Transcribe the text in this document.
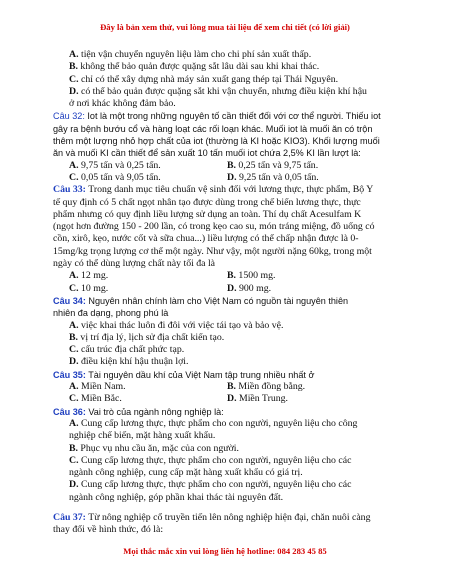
Đây là bản xem thử, vui lòng mua tài liệu để xem chi tiết (có lời giải)
A. tiện vận chuyển nguyên liệu làm cho chi phí sản xuất thấp.
B. không thể bảo quản được quặng sắt lâu dài sau khi khai thác.
C. chỉ có thể xây dựng nhà máy sản xuất gang thép tại Thái Nguyên.
D. có thể bảo quản được quặng sắt khi vận chuyển, nhưng điều kiện khí hậu
ở nơi khác không đảm bảo.
Câu 32: Iot là một trong những nguyên tố cần thiết đối với cơ thể người. Thiếu iot
gây ra bệnh bướu cổ và hàng loạt các rối loạn khác. Muối iot là muối ăn có trộn
thêm một lượng nhỏ hợp chất của iot (thường là KI hoặc KIO3). Khối lượng muối
ăn và muối KI cần thiết để sản xuất 10 tấn muối iot chứa 2,5% KI lần lượt là:
A. 9,75 tấn và 0,25 tấn.	B. 0,25 tấn và 9,75 tấn.
C. 0,05 tấn và 9,05 tấn.	D. 9,25 tấn và 0,05 tấn.
Câu 33: Trong danh mục tiêu chuẩn vệ sinh đối với lương thực, thực phẩm, Bộ Y
tế quy định có 5 chất ngọt nhân tạo được dùng trong chế biến lương thực, thực
phẩm nhưng có quy định liều lượng sử dụng an toàn. Thí dụ chất Acesulfam K
(ngọt hơn đường 150 - 200 lần, có trong kẹo cao su, món tráng miệng, đồ uống có
cồn, xirô, kẹo, nước cốt và sữa chua...) liều lượng có thể chấp nhận được là 0-
15mg/kg trọng lượng cơ thể một ngày. Như vậy, một người nặng 60kg, trong một
ngày có thể dùng lượng chất này tối đa là
A. 12 mg.	B. 1500 mg.
C. 10 mg.	D. 900 mg.
Câu 34: Nguyên nhân chính làm cho Việt Nam có nguồn tài nguyên thiên
nhiên đa dạng, phong phú là
A. việc khai thác luôn đi đôi với việc tái tạo và bảo vệ.
B. vị trí địa lý, lịch sử địa chất kiến tạo.
C. cấu trúc địa chất phức tạp.
D. điều kiện khí hậu thuận lợi.
Câu 35: Tài nguyên dầu khí của Việt Nam tập trung nhiều nhất ở
A. Miền Nam.	B. Miền đồng bằng.
C. Miền Bắc.	D. Miền Trung.
Câu 36: Vai trò của ngành nông nghiệp là:
A. Cung cấp lương thực, thực phẩm cho con người, nguyên liệu cho công
nghiệp chế biến, mặt hàng xuất khẩu.
B. Phục vụ nhu cầu ăn, mặc của con người.
C. Cung cấp lương thực, thực phẩm cho con người, nguyên liệu cho các
ngành công nghiệp, cung cấp mặt hàng xuất khẩu có giá trị.
D. Cung cấp lương thực, thực phẩm cho con người, nguyên liệu cho các
ngành công nghiệp, góp phần khai thác tài nguyên đất.
Câu 37: Từ nông nghiệp cổ truyền tiến lên nông nghiệp hiện đại, chăn nuôi càng
thay đổi về hình thức, đó là:
Mọi thắc mắc xin vui lòng liên hệ hotline: 084 283 45 85
